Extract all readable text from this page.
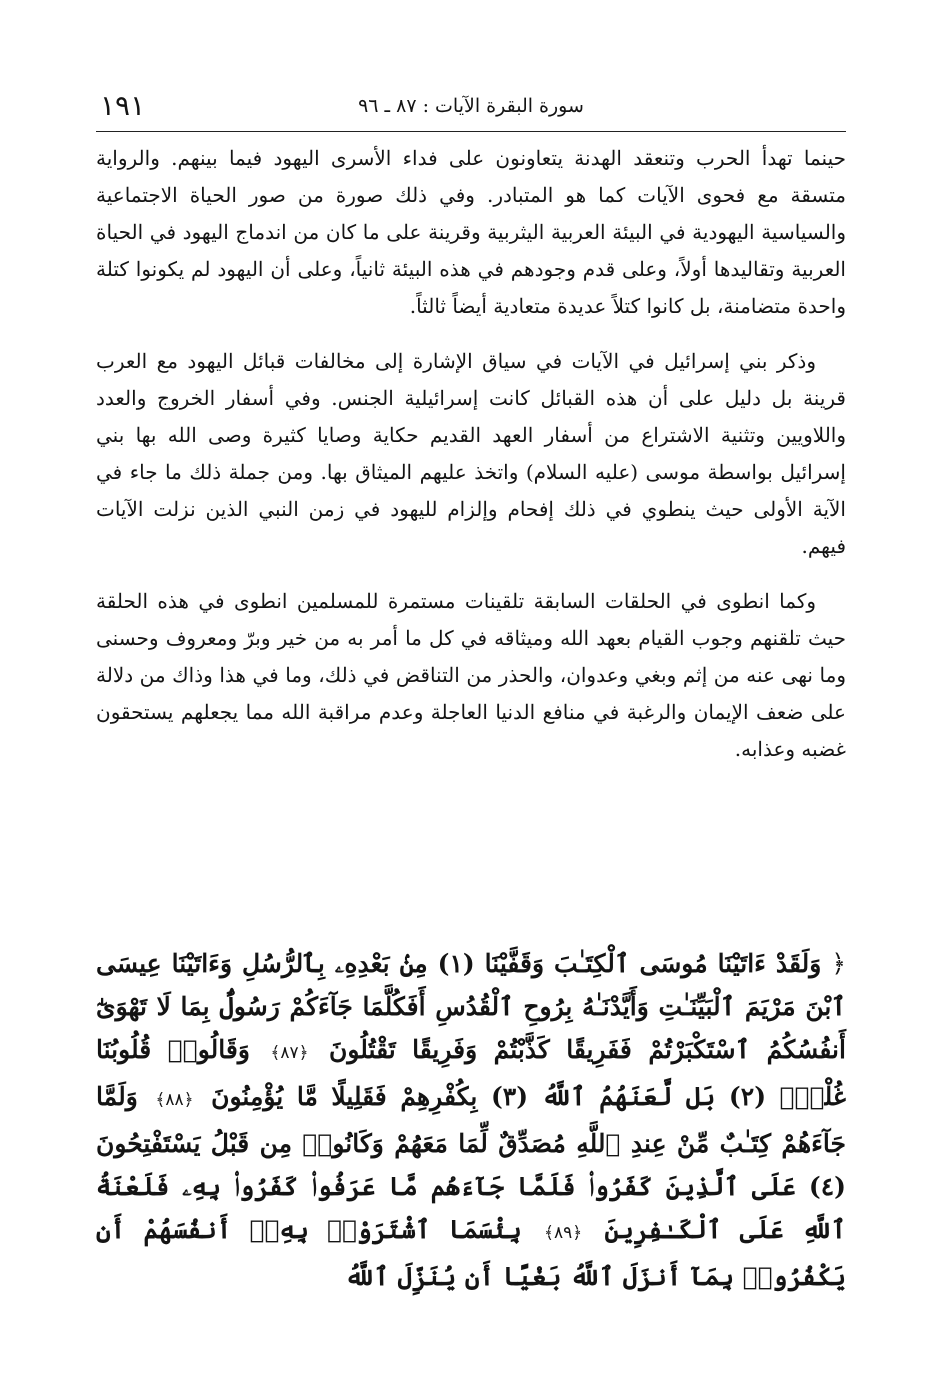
١٩١	سورة البقرة الآيات : ٨٧ ـ ٩٦

حينما تهدأ الحرب وتنعقد الهدنة يتعاونون على فداء الأسرى اليهود فيما بينهم. والرواية متسقة مع فحوى الآيات كما هو المتبادر. وفي ذلك صورة من صور الحياة الاجتماعية والسياسية اليهودية في البيئة العربية اليثربية وقرينة على ما كان من اندماج اليهود في الحياة العربية وتقاليدها أولاً، وعلى قدم وجودهم في هذه البيئة ثانياً، وعلى أن اليهود لم يكونوا كتلة واحدة متضامنة، بل كانوا كتلاً عديدة متعادية أيضاً ثالثاً.

وذكر بني إسرائيل في الآيات في سياق الإشارة إلى مخالفات قبائل اليهود مع العرب قرينة بل دليل على أن هذه القبائل كانت إسرائيلية الجنس. وفي أسفار الخروج والعدد واللاويين وتثنية الاشتراع من أسفار العهد القديم حكاية وصايا كثيرة وصى الله بها بني إسرائيل بواسطة موسى (عليه السلام) واتخذ عليهم الميثاق بها. ومن جملة ذلك ما جاء في الآية الأولى حيث ينطوي في ذلك إفحام وإلزام لليهود في زمن النبي الذين نزلت الآيات فيهم.

وكما انطوى في الحلقات السابقة تلقينات مستمرة للمسلمين انطوى في هذه الحلقة حيث تلقنهم وجوب القيام بعهد الله وميثاقه في كل ما أمر به من خير وبرّ ومعروف وحسنى وما نهى عنه من إثم وبغي وعدوان، والحذر من التناقض في ذلك، وما في هذا وذاك من دلالة على ضعف الإيمان والرغبة في منافع الدنيا العاجلة وعدم مراقبة الله مما يجعلهم يستحقون غضبه وعذابه.

﴿ وَلَقَدْ ءَاتَيْنَا مُوسَى ٱلْكِتَـٰبَ وَقَفَّيْنَا (١) مِنۢ بَعْدِهِۦ بِٱلرُّسُلِ وَءَاتَيْنَا عِيسَى ٱبْنَ مَرْيَمَ ٱلْبَيِّنَـٰتِ وَأَيَّدْنَـٰهُ بِرُوحِ ٱلْقُدُسِ أَفَكُلَّمَا جَآءَكُمْ رَسُولٌۢ بِمَا لَا تَهْوَىٰٓ أَنفُسُكُمُ ٱسْتَكْبَرْتُمْ فَفَرِيقًا كَذَّبْتُمْ وَفَرِيقًا تَقْتُلُونَ ﴿٨٧﴾ وَقَالُوا۟ قُلُوبُنَا غُلْفٌۢ (٢) بَل لَّعَنَهُمُ ٱللَّهُ (٣) بِكُفْرِهِمْ فَقَلِيلًا مَّا يُؤْمِنُونَ ﴿٨٨﴾ وَلَمَّا جَآءَهُمْ كِتَـٰبٌ مِّنْ عِندِ ٱللَّهِ مُصَدِّقٌ لِّمَا مَعَهُمْ وَكَانُوا۟ مِن قَبْلُ يَسْتَفْتِحُونَ (٤) عَلَى ٱلَّذِينَ كَفَرُوا۟ فَلَمَّا جَآءَهُم مَّا عَرَفُوا۟ كَفَرُوا۟ بِهِۦ فَلَعْنَةُ ٱللَّهِ عَلَى ٱلْكَـٰفِرِينَ ﴿٨٩﴾ بِئْسَمَا ٱشْتَرَوْا۟ بِهِۦٓ أَنفُسَهُمْ أَن يَكْفُرُوا۟ بِمَآ أَنزَلَ ٱللَّهُ بَغْيًا أَن يُنَزِّلَ ٱللَّهُ
